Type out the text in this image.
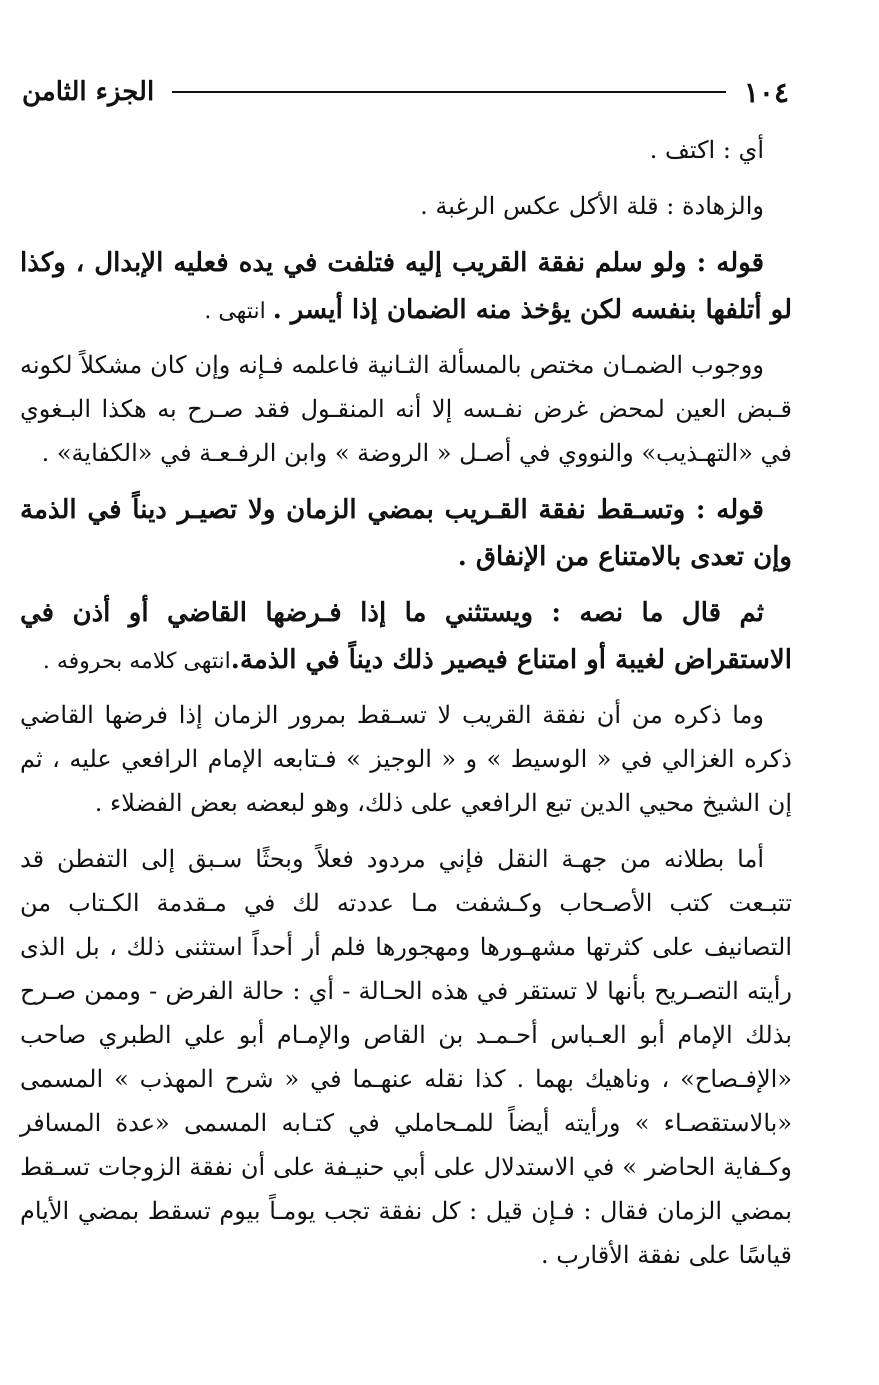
١٠٤
الجزء الثامن

أي : اكتف .

والزهادة : قلة الأكل عكس الرغبة .

قوله : ولو سلم نفقة القريب إليه فتلفت في يده فعليه الإبدال ، وكذا لو أتلفها بنفسه لكن يؤخذ منه الضمان إذا أيسر . انتهى .

ووجوب الضمـان مختص بالمسألة الثـانية فاعلمه فـإنه وإن كان مشكلاً لكونه قـبض العين لمحض غرض نفـسه إلا أنه المنقـول فقد صـرح به هكذا البـغوي في «التهـذيب» والنووي في أصـل « الروضة » وابن الرفـعـة في «الكفاية» .

قوله : وتسـقط نفقة القـريب بمضي الزمان ولا تصيـر ديناً في الذمة وإن تعدى بالامتناع من الإنفاق .

ثم قال ما نصه : ويستثني ما إذا فـرضها القاضي أو أذن في الاستقراض لغيبة أو امتناع فيصير ذلك ديناً في الذمة.انتهى كلامه بحروفه .

وما ذكره من أن نفقة القريب لا تسـقط بمرور الزمان إذا فرضها القاضي ذكره الغزالي في « الوسيط » و « الوجيز » فـتابعه الإمام الرافعي عليه ، ثم إن الشيخ محيي الدين تبع الرافعي على ذلك، وهو لبعضه بعض الفضلاء .

أما بطلانه من جهـة النقل فإني مردود فعلاً وبحثًا سـبق إلى التفطن قد تتبـعت كتب الأصـحاب وكـشفت مـا عددته لك في مـقدمة الكـتاب من التصانيف على كثرتها مشهـورها ومهجورها فلم أر أحداً استثنى ذلك ، بل الذى رأيته التصـريح بأنها لا تستقر في هذه الحـالة - أي : حالة الفرض - وممن صـرح بذلك الإمام أبو العـباس أحـمـد بن القاص والإمـام أبو علي الطبري صاحب «الإفـصاح» ، وناهيك بهما . كذا نقله عنهـما في « شرح المهذب » المسمى «بالاستقصـاء » ورأيته أيضاً للمـحاملي في كتـابه المسمى «عدة المسافر وكـفاية الحاضر » في الاستدلال على أبي حنيـفة على أن نفقة الزوجات تسـقط بمضي الزمان فقال : فـإن قيل : كل نفقة تجب يومـاً بيوم تسقط بمضي الأيام قياسًا على نفقة الأقارب .
